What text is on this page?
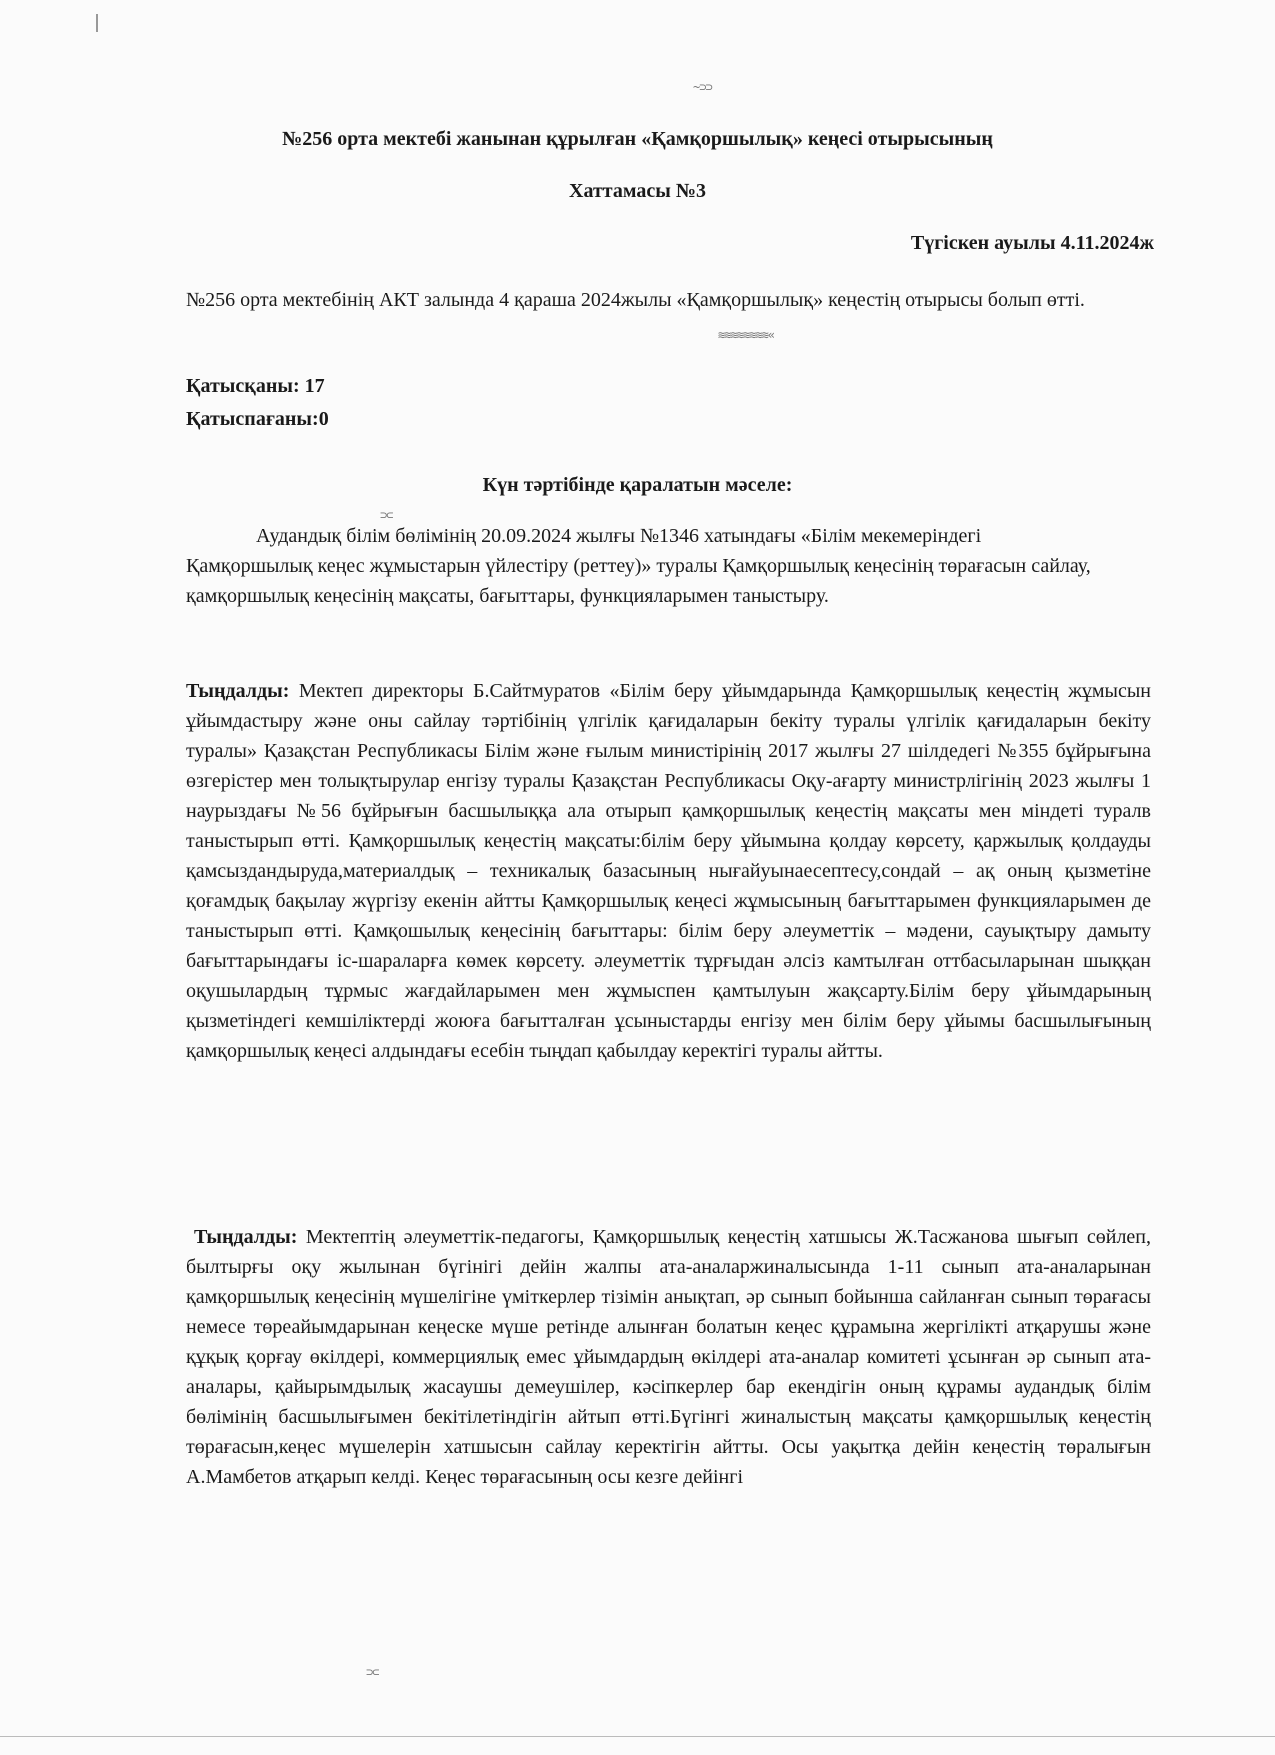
~⊃⊃
≋≋≋≋≋≋≋≋«
⊃⊂
⊃⊂
№256 орта мектебі жанынан құрылған «Қамқоршылық» кеңесі отырысының
Хаттамасы №3
Түгіскен ауылы 4.11.2024ж
№256 орта мектебінің АКТ залында 4 қараша 2024жылы «Қамқоршылық» кеңестің отырысы болып өтті.
Қатысқаны: 17
Қатыспағаны:0
Күн тәртібінде қаралатын мәселе:

Аудандық білім бөлімінің 20.09.2024 жылғы №1346 хатындағы «Білім мекемеріндегі Қамқоршылық кеңес жұмыстарын үйлестіру (реттеу)» туралы Қамқоршылық кеңесінің төрағасын сайлау, қамқоршылық кеңесінің мақсаты, бағыттары, функцияларымен таныстыру.

Тыңдалды: Мектеп директоры Б.Сайтмуратов «Білім беру ұйымдарында Қамқоршылық кеңестің жұмысын ұйымдастыру және оны сайлау тәртібінің үлгілік қағидаларын бекіту туралы үлгілік қағидаларын бекіту туралы» Қазақстан Республикасы Білім және ғылым министірінің 2017 жылғы 27 шілдедегі №355 бұйрығына өзгерістер мен толықтырулар енгізу туралы Қазақстан Республикасы Оқу-ағарту министрлігінің 2023 жылғы 1 наурыздағы №56 бұйрығын басшылыққа ала отырып қамқоршылық кеңестің мақсаты мен міндеті туралв таныстырып өтті. Қамқоршылық кеңестің мақсаты:білім беру ұйымына қолдау көрсету, қаржылық қолдауды қамсыздандыруда,материалдық – техникалық базасының нығайуынаесептесу,сондай – ақ оның қызметіне қоғамдық бақылау жүргізу екенін айтты Қамқоршылық кеңесі жұмысының бағыттарымен функцияларымен де таныстырып өтті. Қамқошылық кеңесінің бағыттары: білім беру әлеуметтік – мәдени, сауықтыру дамыту бағыттарындағы іс-шараларға көмек көрсету. әлеуметтік тұрғыдан әлсіз камтылған оттбасыларынан шыққан оқушылардың тұрмыс жағдайларымен мен жұмыспен қамтылуын жақсарту.Білім беру ұйымдарының қызметіндегі кемшіліктерді жоюға бағытталған ұсыныстарды енгізу мен білім беру ұйымы басшылығының қамқоршылық кеңесі алдындағы есебін тыңдап қабылдау керектігі туралы айтты.

Тыңдалды: Мектептің әлеуметтік-педагогы, Қамқоршылық кеңестің хатшысы Ж.Тасжанова шығып сөйлеп, былтырғы оқу жылынан бүгінігі дейін жалпы ата-аналаржиналысында 1-11 сынып ата-аналарынан қамқоршылық кеңесінің мүшелігіне үміткерлер тізімін анықтап, әр сынып бойынша сайланған сынып төрағасы немесе төреайымдарынан кеңеске мүше ретінде алынған болатын кеңес құрамына жергілікті атқарушы және құқық қорғау өкілдері, коммерциялық емес ұйымдардың өкілдері ата-аналар комитеті ұсынған әр сынып ата-аналары, қайырымдылық жасаушы демеушілер, кәсіпкерлер бар екендігін оның құрамы аудандық білім бөлімінің басшылығымен бекітілетіндігін айтып өтті.Бүгінгі жиналыстың мақсаты қамқоршылық кеңестің төрағасын,кеңес мүшелерін хатшысын сайлау керектігін айтты. Осы уақытқа дейін кеңестің төралығын А.Мамбетов атқарып келді. Кеңес төрағасының осы кезге дейінгі
